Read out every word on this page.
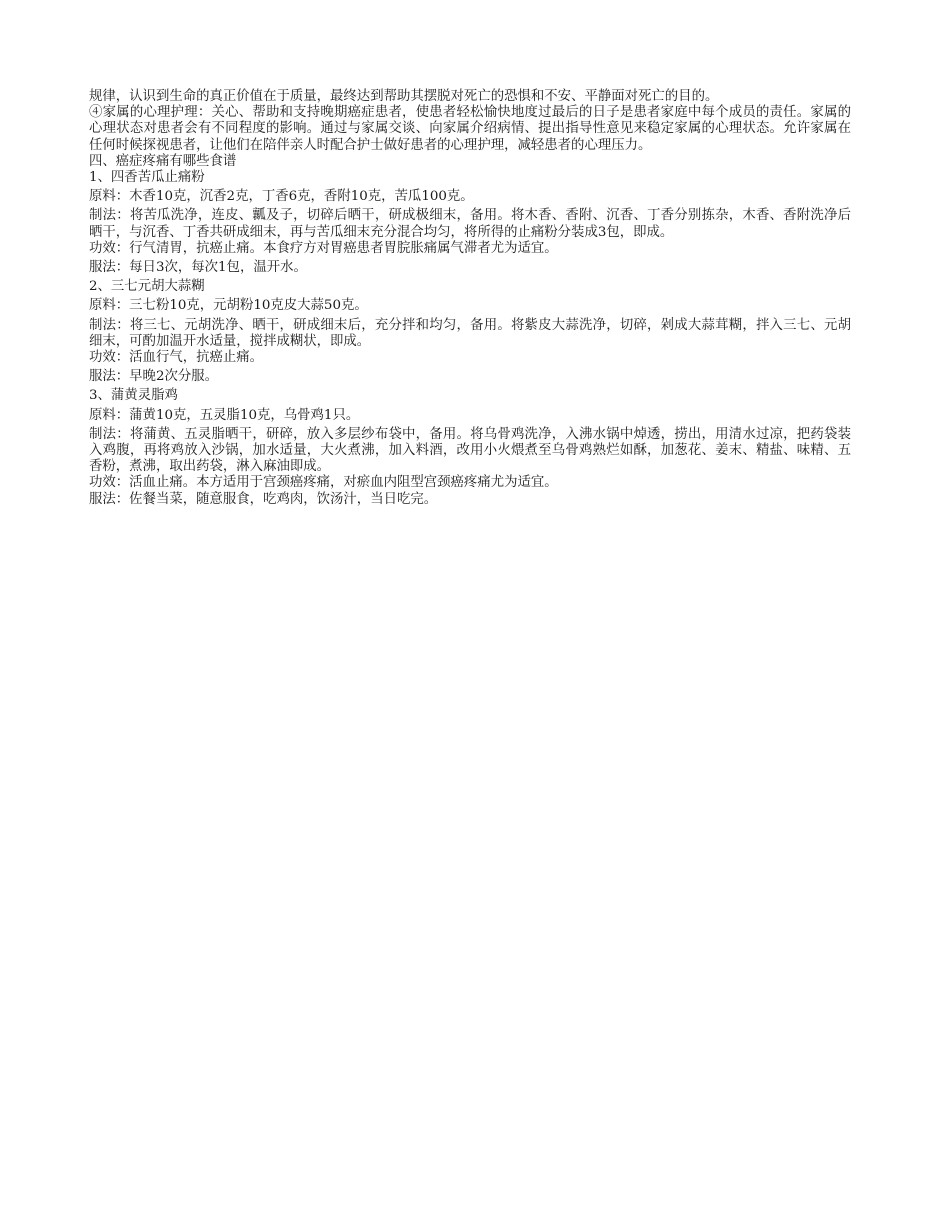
规律，认识到生命的真正价值在于质量，最终达到帮助其摆脱对死亡的恐惧和不安、平静面对死亡的目的。

④家属的心理护理：关心、帮助和支持晚期癌症患者，使患者轻松愉快地度过最后的日子是患者家庭中每个成员的责任。家属的心理状态对患者会有不同程度的影响。通过与家属交谈、向家属介绍病情、提出指导性意见来稳定家属的心理状态。允许家属在任何时候探视患者，让他们在陪伴亲人时配合护士做好患者的心理护理，减轻患者的心理压力。

四、癌症疼痛有哪些食谱

1、四香苦瓜止痛粉

原料：木香10克，沉香2克，丁香6克，香附10克，苦瓜100克。

制法：将苦瓜洗净，连皮、瓤及子，切碎后晒干，研成极细末，备用。将木香、香附、沉香、丁香分别拣杂，木香、香附洗净后晒干，与沉香、丁香共研成细末，再与苦瓜细末充分混合均匀，将所得的止痛粉分装成3包，即成。

功效：行气清胃，抗癌止痛。本食疗方对胃癌患者胃脘胀痛属气滞者尤为适宜。

服法：每日3次，每次1包，温开水。

2、三七元胡大蒜糊

原料：三七粉10克，元胡粉10克皮大蒜50克。

制法：将三七、元胡洗净、晒干，研成细末后，充分拌和均匀，备用。将紫皮大蒜洗净，切碎，剁成大蒜茸糊，拌入三七、元胡细末，可酌加温开水适量，搅拌成糊状，即成。

功效：活血行气，抗癌止痛。

服法：早晚2次分服。

3、蒲黄灵脂鸡

原料：蒲黄10克，五灵脂10克，乌骨鸡1只。

制法：将蒲黄、五灵脂晒干，研碎，放入多层纱布袋中，备用。将乌骨鸡洗净，入沸水锅中焯透，捞出，用清水过凉，把药袋装入鸡腹，再将鸡放入沙锅，加水适量，大火煮沸，加入料酒，改用小火煨煮至乌骨鸡熟烂如酥，加葱花、姜末、精盐、味精、五香粉，煮沸，取出药袋，淋入麻油即成。

功效：活血止痛。本方适用于宫颈癌疼痛，对瘀血内阻型宫颈癌疼痛尤为适宜。

服法：佐餐当菜，随意服食，吃鸡肉，饮汤汁，当日吃完。
